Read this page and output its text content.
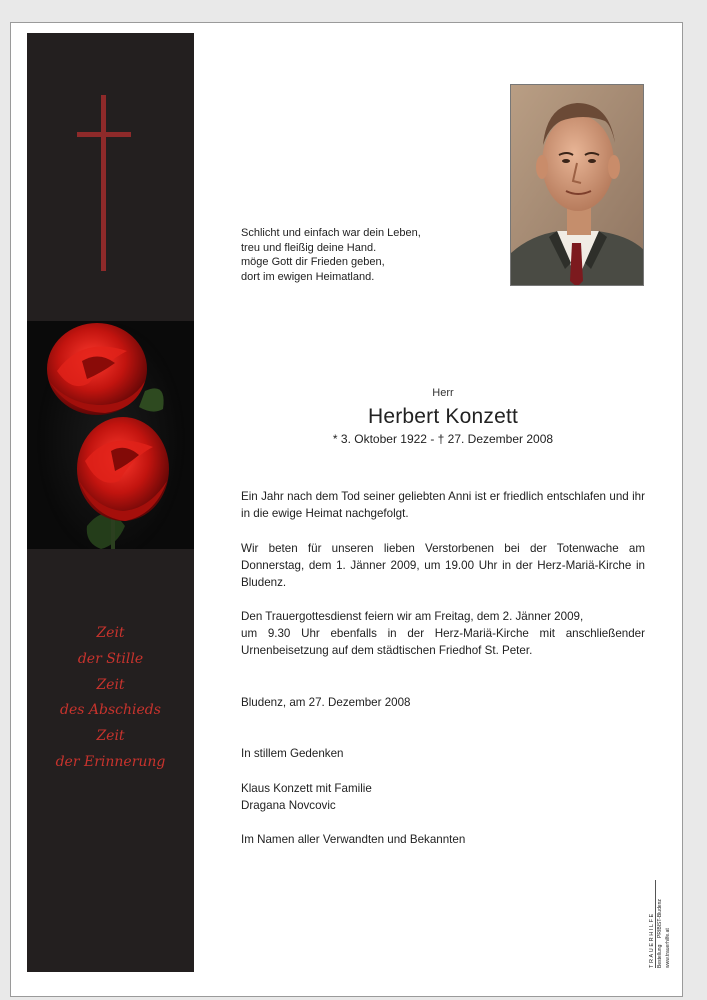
Zeit
der Stille
Zeit
des Abschieds
Zeit
der Erinnerung
Schlicht und einfach war dein Leben,
treu und fleißig deine Hand.
möge Gott dir Frieden geben,
dort im ewigen Heimatland.
Herr
Herbert Konzett
* 3. Oktober 1922 - † 27. Dezember 2008
Ein Jahr nach dem Tod seiner geliebten Anni ist er friedlich entschlafen und ihr in die ewige Heimat nachgefolgt.
Wir beten für unseren lieben Verstorbenen bei der Totenwache am Donnerstag, dem 1. Jänner 2009, um 19.00 Uhr in der Herz-Mariä-Kirche in Bludenz.
Den Trauergottesdienst feiern wir am Freitag, dem 2. Jänner 2009,

um 9.30 Uhr ebenfalls in der Herz-Mariä-Kirche mit anschließender Urnenbeisetzung auf dem städtischen Friedhof St. Peter.

Bludenz, am 27. Dezember 2008
In stillem Gedenken
Klaus Konzett mit Familie
Dragana Novcovic
Im Namen aller Verwandten und Bekannten
TRAUERHILFE Bestellung
PRIBIST-Bludenz
www.trauerhilfe.at
